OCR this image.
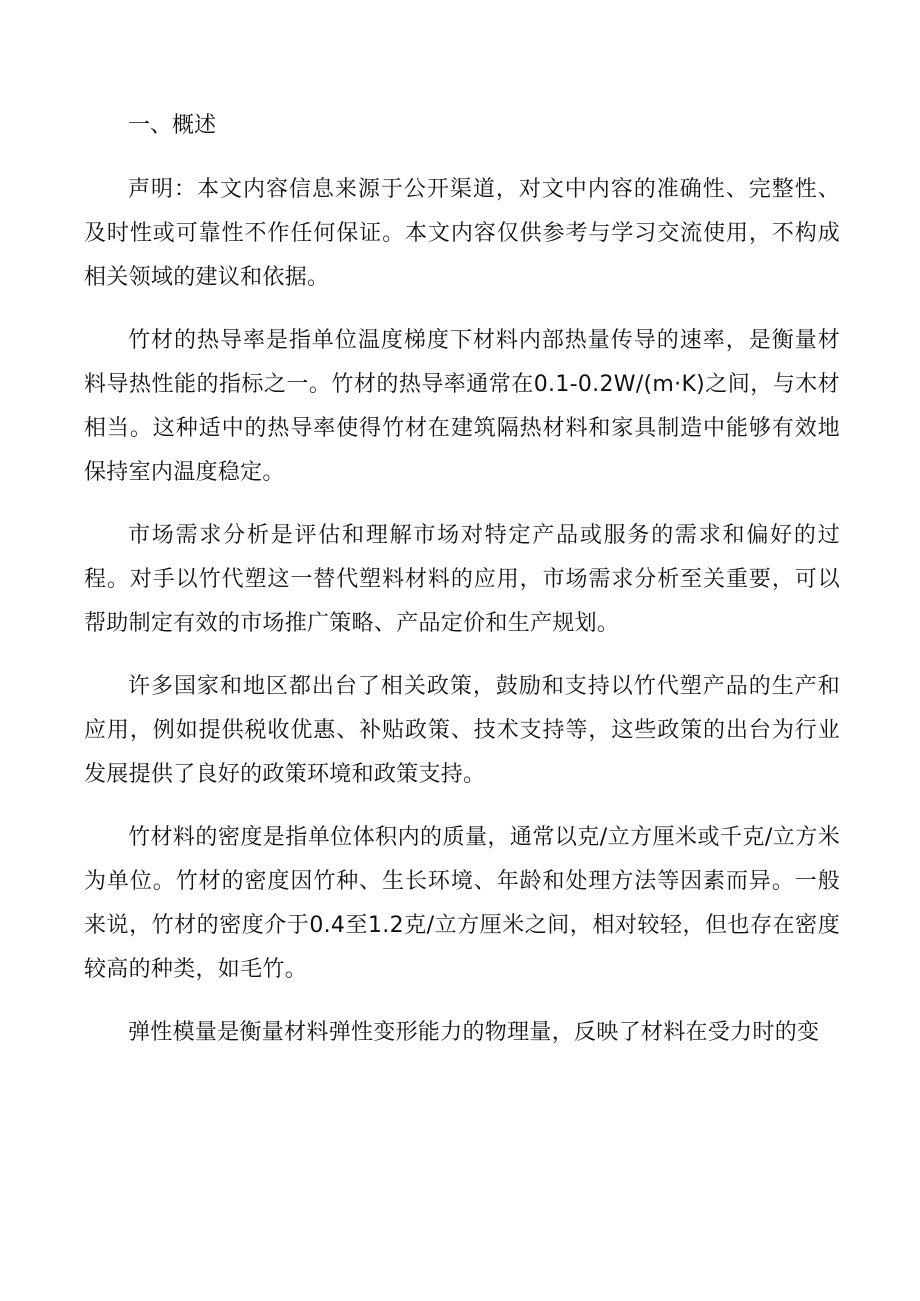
一、概述

声明：本文内容信息来源于公开渠道，对文中内容的准确性、完整性、及时性或可靠性不作任何保证。本文内容仅供参考与学习交流使用，不构成相关领域的建议和依据。

竹材的热导率是指单位温度梯度下材料内部热量传导的速率，是衡量材料导热性能的指标之一。竹材的热导率通常在0.1-0.2W/(m·K)之间，与木材相当。这种适中的热导率使得竹材在建筑隔热材料和家具制造中能够有效地保持室内温度稳定。

市场需求分析是评估和理解市场对特定产品或服务的需求和偏好的过程。对手以竹代塑这一替代塑料材料的应用，市场需求分析至关重要，可以帮助制定有效的市场推广策略、产品定价和生产规划。

许多国家和地区都出台了相关政策，鼓励和支持以竹代塑产品的生产和应用，例如提供税收优惠、补贴政策、技术支持等，这些政策的出台为行业发展提供了良好的政策环境和政策支持。

竹材料的密度是指单位体积内的质量，通常以克/立方厘米或千克/立方米为单位。竹材的密度因竹种、生长环境、年龄和处理方法等因素而异。一般来说，竹材的密度介于0.4至1.2克/立方厘米之间，相对较轻，但也存在密度较高的种类，如毛竹。

弹性模量是衡量材料弹性变形能力的物理量，反映了材料在受力时的变
